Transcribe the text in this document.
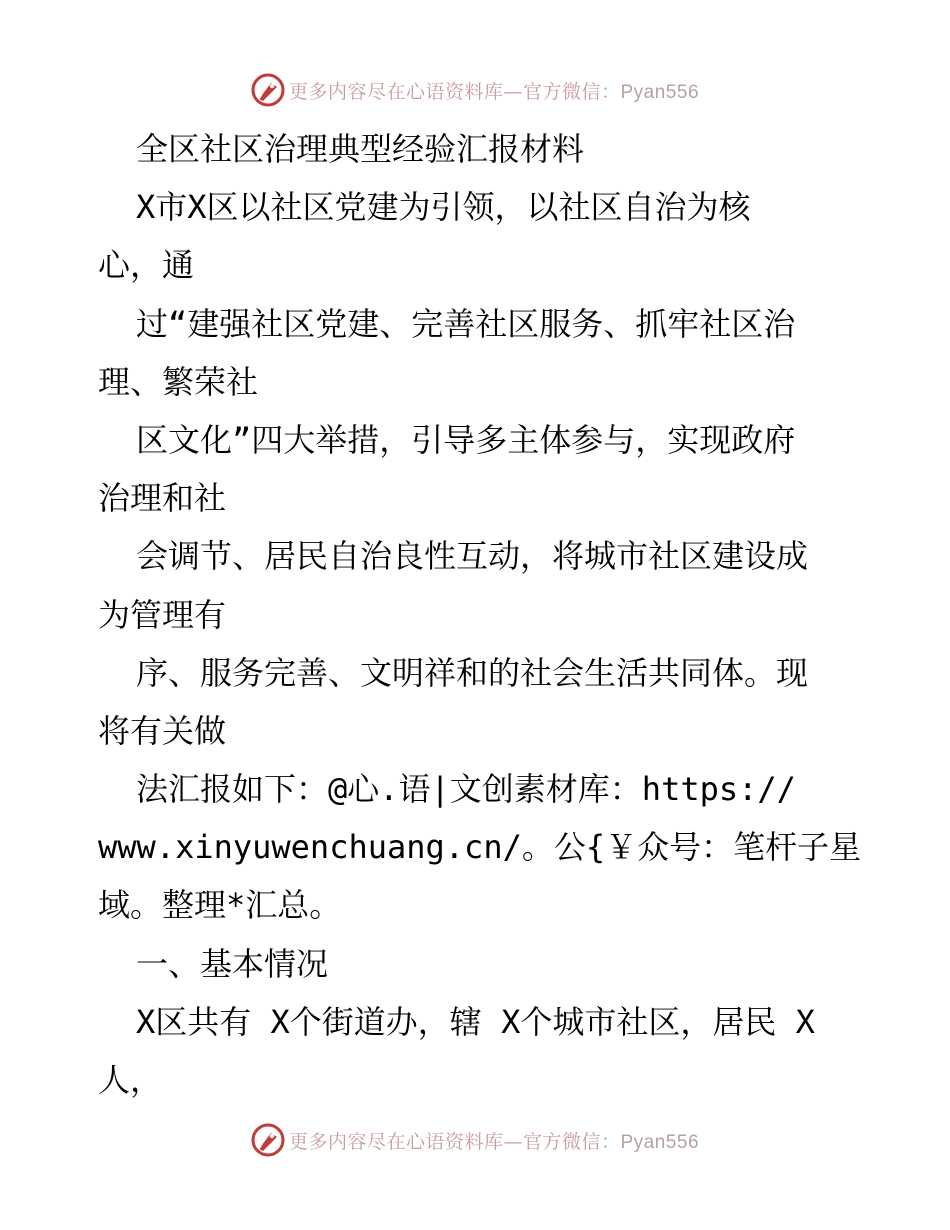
更多内容尽在心语资料库—官方微信：Pyan556
全区社区治理典型经验汇报材料
X市X区以社区党建为引领，以社区自治为核
心，通
过“建强社区党建、完善社区服务、抓牢社区治
理、繁荣社
区文化”四大举措，引导多主体参与，实现政府
治理和社
会调节、居民自治良性互动，将城市社区建设成
为管理有
序、服务完善、文明祥和的社会生活共同体。现
将有关做
法汇报如下：@心.语|文创素材库：https://
www.xinyuwenchuang.cn/。公{￥众号：笔杆子星
域。整理*汇总。
一、基本情况
X区共有 X个街道办，辖 X个城市社区，居民 X
人，
更多内容尽在心语资料库—官方微信：Pyan556
